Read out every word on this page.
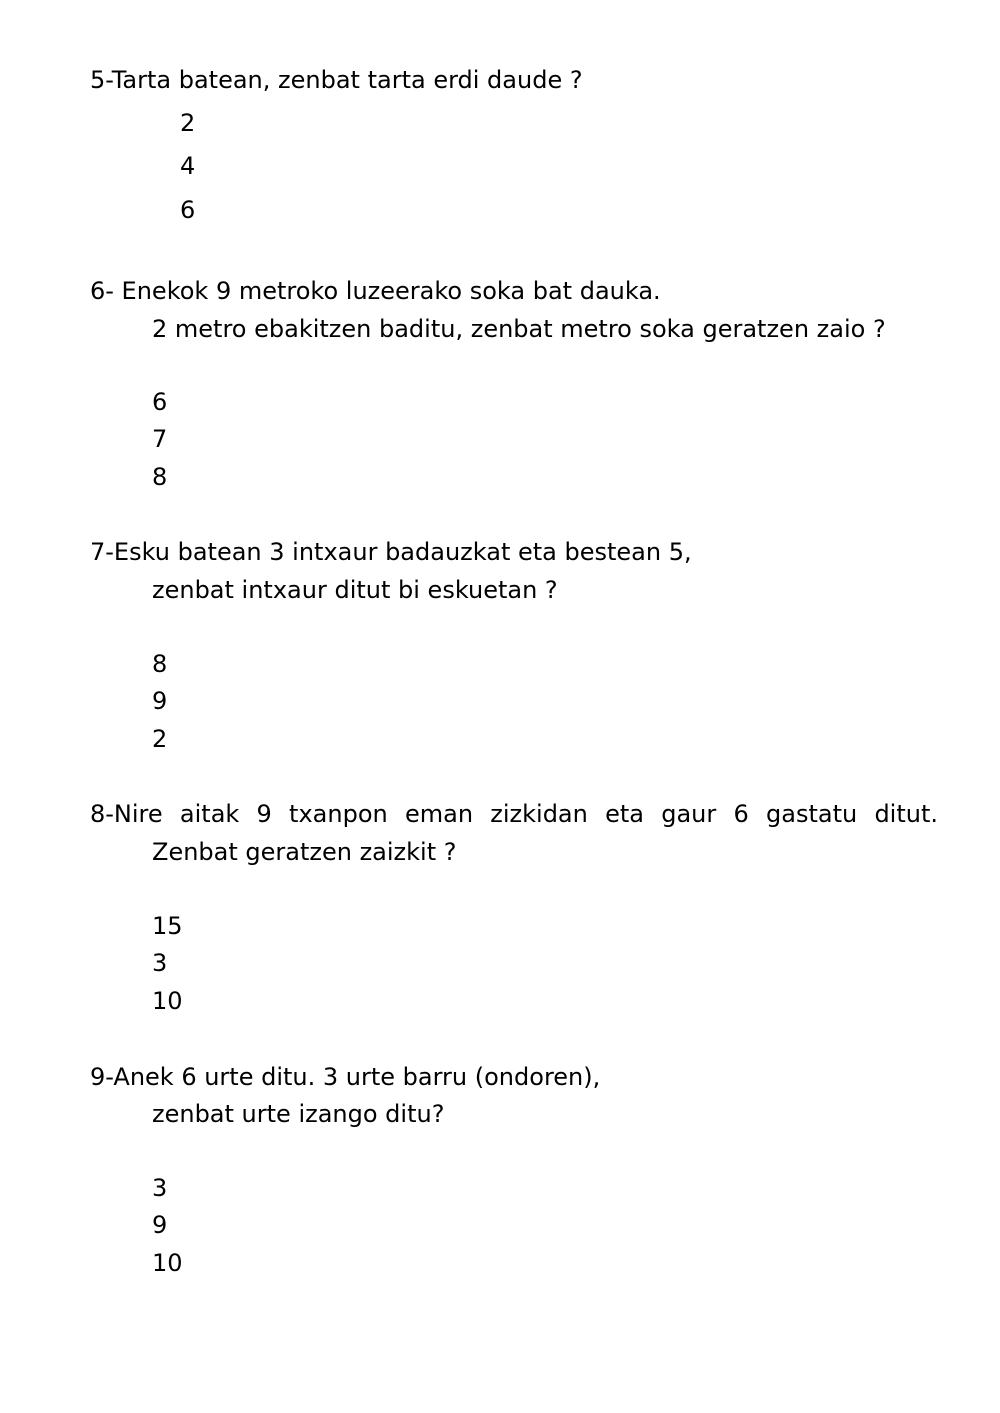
5-Tarta batean, zenbat tarta erdi daude ?
2
4
6
6- Enekok 9 metroko luzeerako soka bat dauka.
2 metro ebakitzen baditu, zenbat metro soka geratzen zaio ?
6
7
8
7-Esku batean 3 intxaur badauzkat eta bestean 5,
zenbat intxaur ditut bi eskuetan ?
8
9
2
8-Nire aitak 9 txanpon eman zizkidan eta gaur 6 gastatu ditut.
Zenbat geratzen zaizkit ?
15
3
10
9-Anek 6 urte ditu. 3 urte barru (ondoren),
zenbat urte izango ditu?
3
9
10
